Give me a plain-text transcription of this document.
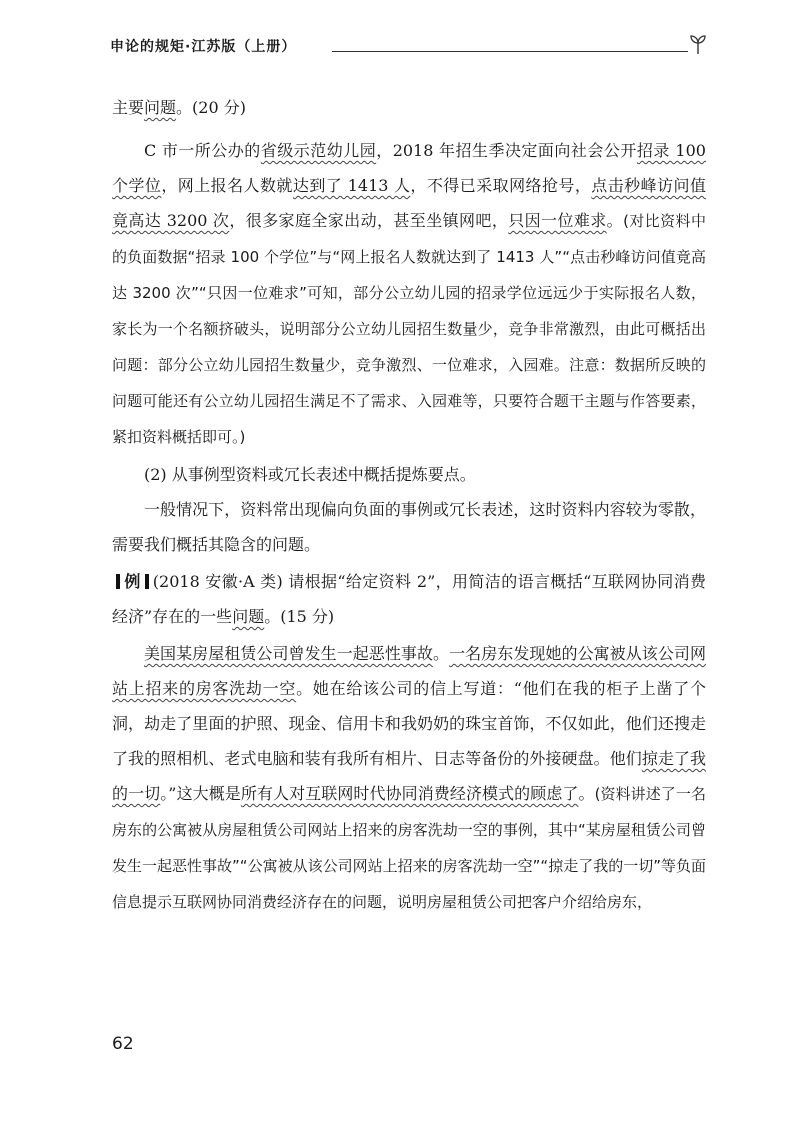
申论的规矩·江苏版（上册）

主要问题。(20 分)

C 市一所公办的省级示范幼儿园，2018 年招生季决定面向社会公开招录 100 个学位，网上报名人数就达到了 1413 人，不得已采取网络抢号，点击秒峰访问值竟高达 3200 次，很多家庭全家出动，甚至坐镇网吧，只因一位难求。(对比资料中的负面数据“招录 100 个学位”与“网上报名人数就达到了 1413 人”“点击秒峰访问值竟高达 3200 次”“只因一位难求”可知，部分公立幼儿园的招录学位远远少于实际报名人数，家长为一个名额挤破头，说明部分公立幼儿园招生数量少，竞争非常激烈，由此可概括出问题：部分公立幼儿园招生数量少，竞争激烈、一位难求，入园难。注意：数据所反映的问题可能还有公立幼儿园招生满足不了需求、入园难等，只要符合题干主题与作答要素，紧扣资料概括即可。)

(2) 从事例型资料或冗长表述中概括提炼要点。

一般情况下，资料常出现偏向负面的事例或冗长表述，这时资料内容较为零散，需要我们概括其隐含的问题。

例 (2018 安徽·A 类) 请根据“给定资料 2”，用简洁的语言概括“互联网协同消费经济”存在的一些问题。(15 分)

美国某房屋租赁公司曾发生一起恶性事故。一名房东发现她的公寓被从该公司网站上招来的房客洗劫一空。她在给该公司的信上写道：“他们在我的柜子上凿了个洞，劫走了里面的护照、现金、信用卡和我奶奶的珠宝首饰，不仅如此，他们还搜走了我的照相机、老式电脑和装有我所有相片、日志等备份的外接硬盘。他们掠走了我的一切。”这大概是所有人对互联网时代协同消费经济模式的顾虑了。(资料讲述了一名房东的公寓被从房屋租赁公司网站上招来的房客洗劫一空的事例，其中“某房屋租赁公司曾发生一起恶性事故”“公寓被从该公司网站上招来的房客洗劫一空”“掠走了我的一切”等负面信息提示互联网协同消费经济存在的问题，说明房屋租赁公司把客户介绍给房东，

62
